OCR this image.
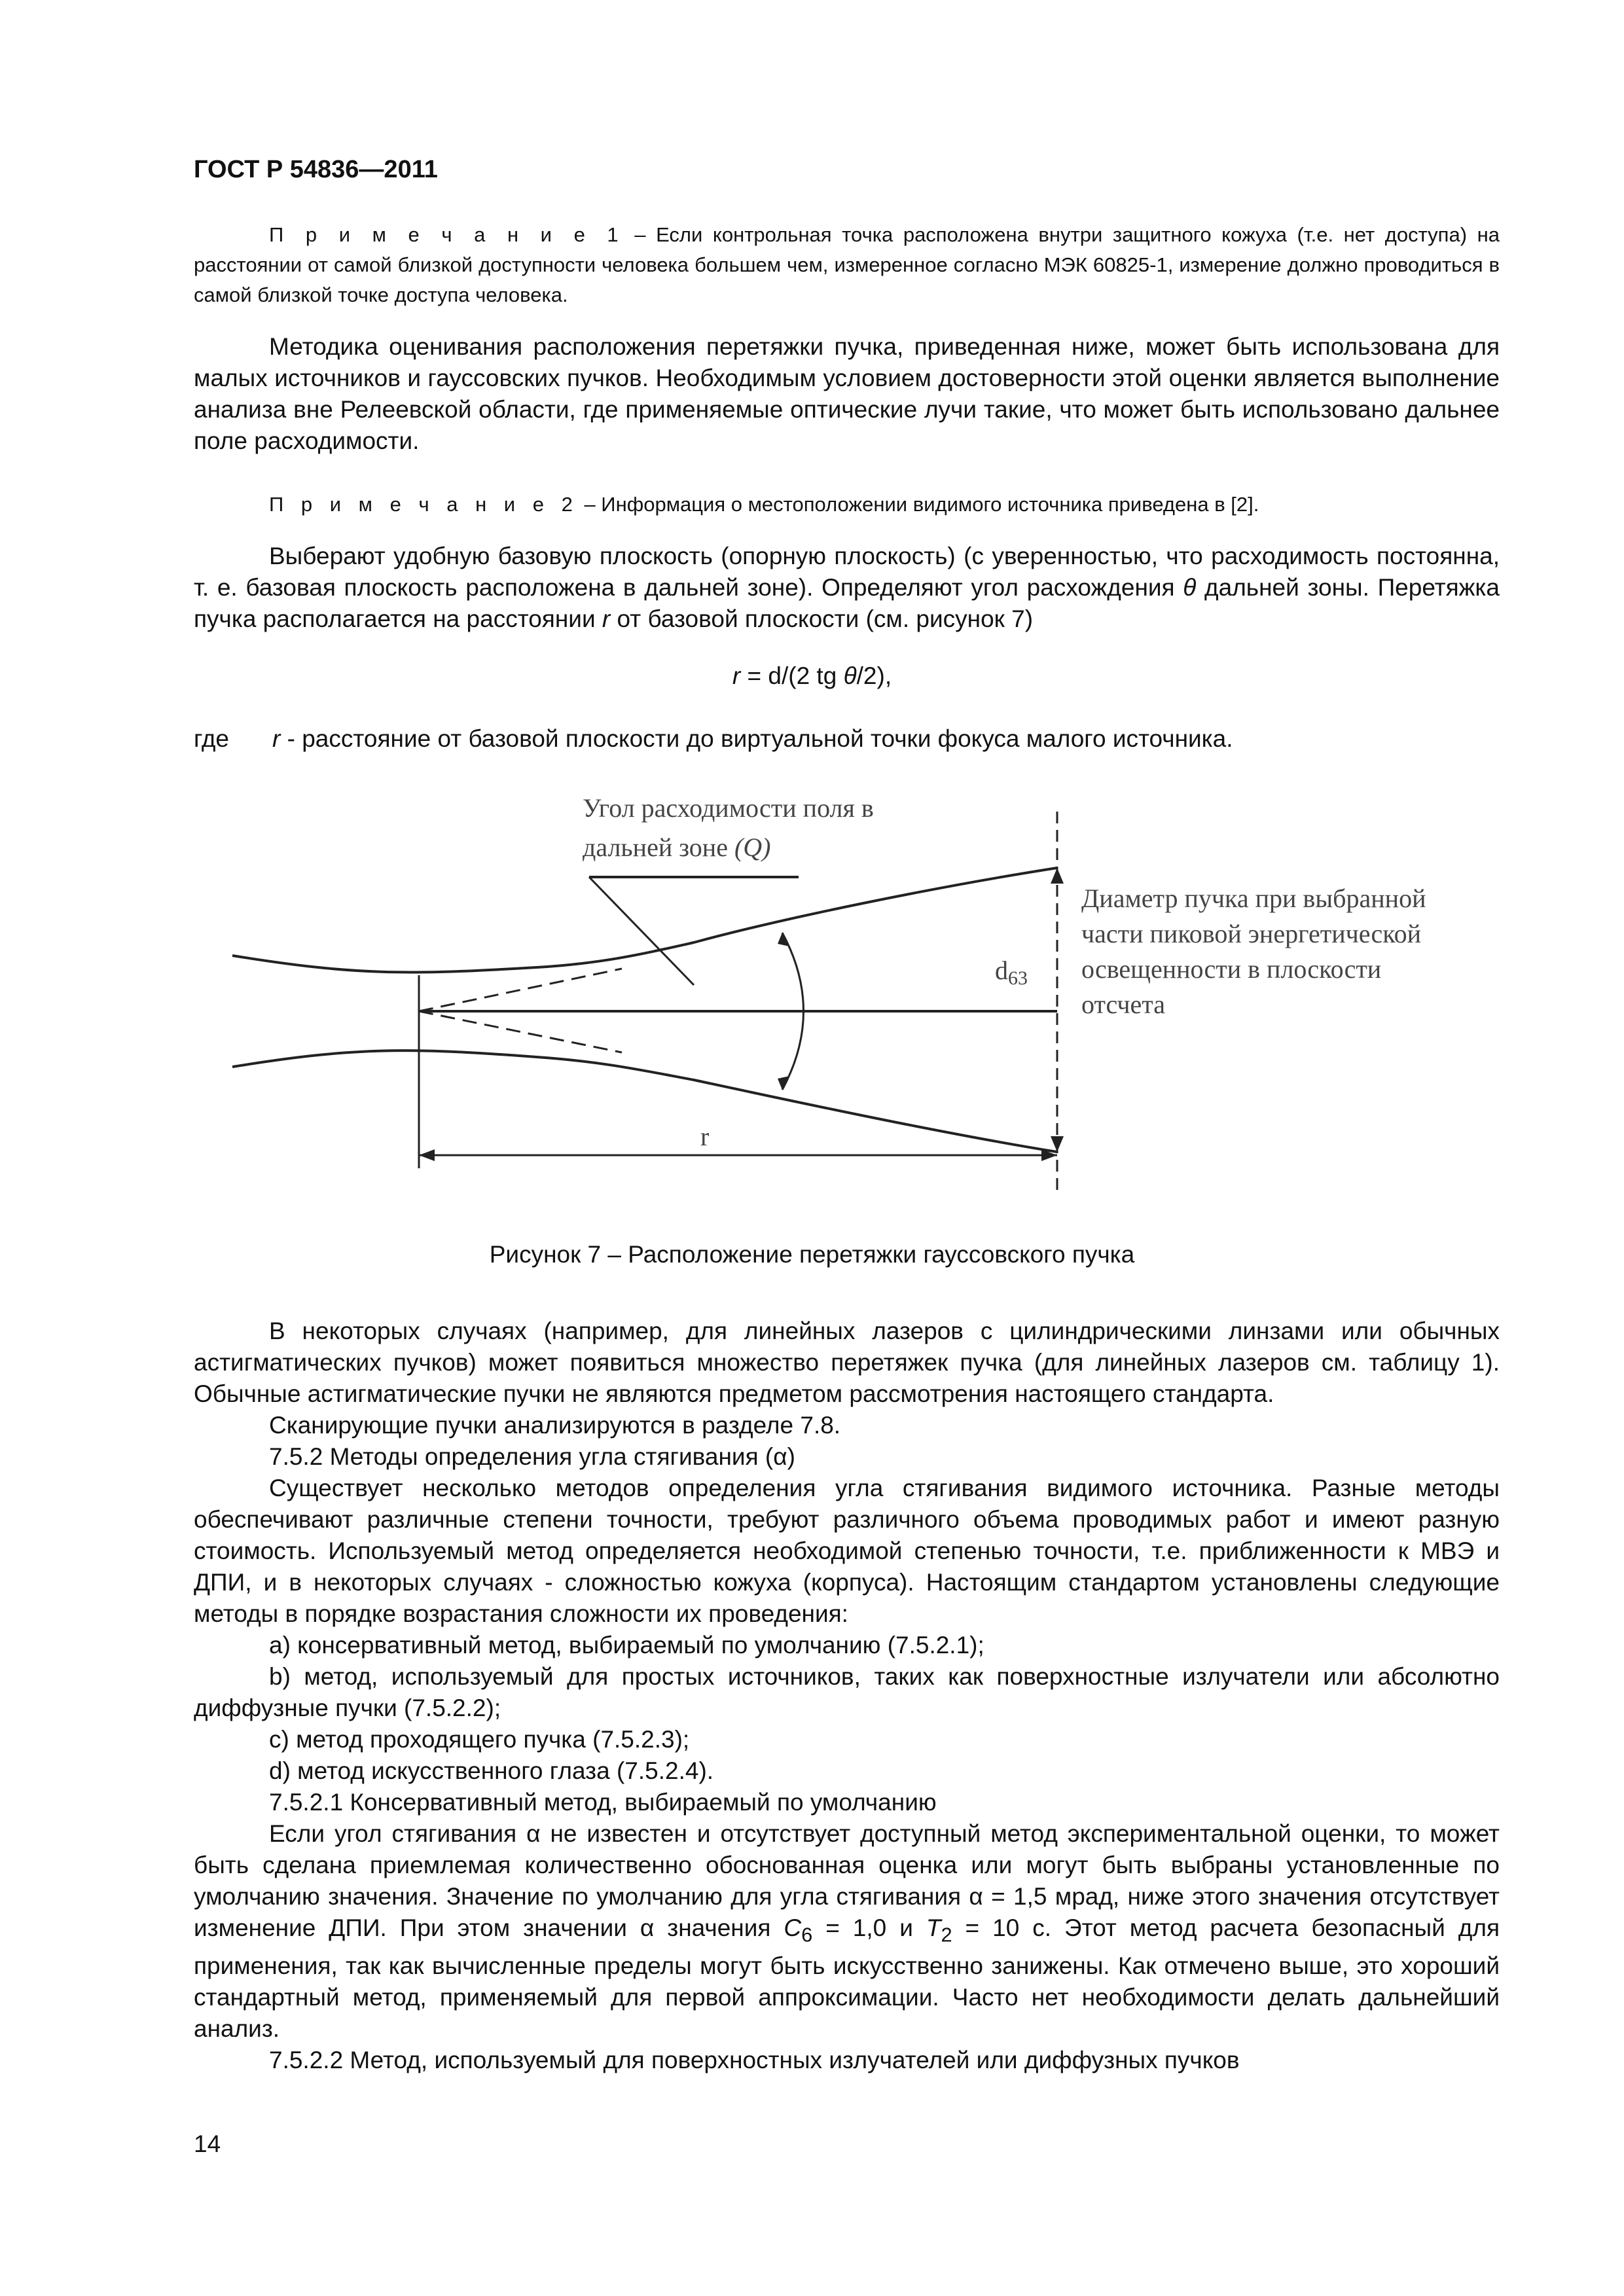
ГОСТ Р 54836—2011

П р и м е ч а н и е 1 – Если контрольная точка расположена внутри защитного кожуха (т.е. нет доступа) на расстоянии от самой близкой доступности человека большем чем, измеренное согласно МЭК 60825-1, измерение должно проводиться в самой близкой точке доступа человека.

Методика оценивания расположения перетяжки пучка, приведенная ниже, может быть использована для малых источников и гауссовских пучков. Необходимым условием достоверности этой оценки является выполнение анализа вне Релеевской области, где применяемые оптические лучи такие, что может быть использовано дальнее поле расходимости.

П р и м е ч а н и е 2 – Информация о местоположении видимого источника приведена в [2].

Выберают удобную базовую плоскость (опорную плоскость) (с уверенностью, что расходимость постоянна, т. е. базовая плоскость расположена в дальней зоне). Определяют угол расхождения θ дальней зоны. Перетяжка пучка располагается на расстоянии r от базовой плоскости (см. рисунок 7)

r = d/(2 tg θ/2),
где r - расстояние от базовой плоскости до виртуальной точки фокуса малого источника.
Угол расходимости поля в
дальней зоне (Q)
Диаметр пучка при выбранной
части пиковой энергетической
освещенности в плоскости
отсчета
$d_{63}$
r
Рисунок 7 – Расположение перетяжки гауссовского пучка

В некоторых случаях (например, для линейных лазеров с цилиндрическими линзами или обычных астигматических пучков) может появиться множество перетяжек пучка (для линейных лазеров см. таблицу 1). Обычные астигматические пучки не являются предметом рассмотрения настоящего стандарта.

Сканирующие пучки анализируются в разделе 7.8.

7.5.2 Методы определения угла стягивания (α)

Существует несколько методов определения угла стягивания видимого источника. Разные методы обеспечивают различные степени точности, требуют различного объема проводимых работ и имеют разную стоимость. Используемый метод определяется необходимой степенью точности, т.е. приближенности к МВЭ и ДПИ, и в некоторых случаях - сложностью кожуха (корпуса). Настоящим стандартом установлены следующие методы в порядке возрастания сложности их проведения:

a) консервативный метод, выбираемый по умолчанию (7.5.2.1);

b) метод, используемый для простых источников, таких как поверхностные излучатели или абсолютно диффузные пучки (7.5.2.2);

c) метод проходящего пучка (7.5.2.3);

d) метод искусственного глаза (7.5.2.4).

7.5.2.1 Консервативный метод, выбираемый по умолчанию

Если угол стягивания α не известен и отсутствует доступный метод экспериментальной оценки, то может быть сделана приемлемая количественно обоснованная оценка или могут быть выбраны установленные по умолчанию значения. Значение по умолчанию для угла стягивания α = 1,5 мрад, ниже этого значения отсутствует изменение ДПИ. При этом значении α значения $C_6 = 1,0$ и $T_2 = 10$ с. Этот метод расчета безопасный для применения, так как вычисленные пределы могут быть искусственно занижены. Как отмечено выше, это хороший стандартный метод, применяемый для первой аппроксимации. Часто нет необходимости делать дальнейший анализ.

7.5.2.2 Метод, используемый для поверхностных излучателей или диффузных пучков

14
